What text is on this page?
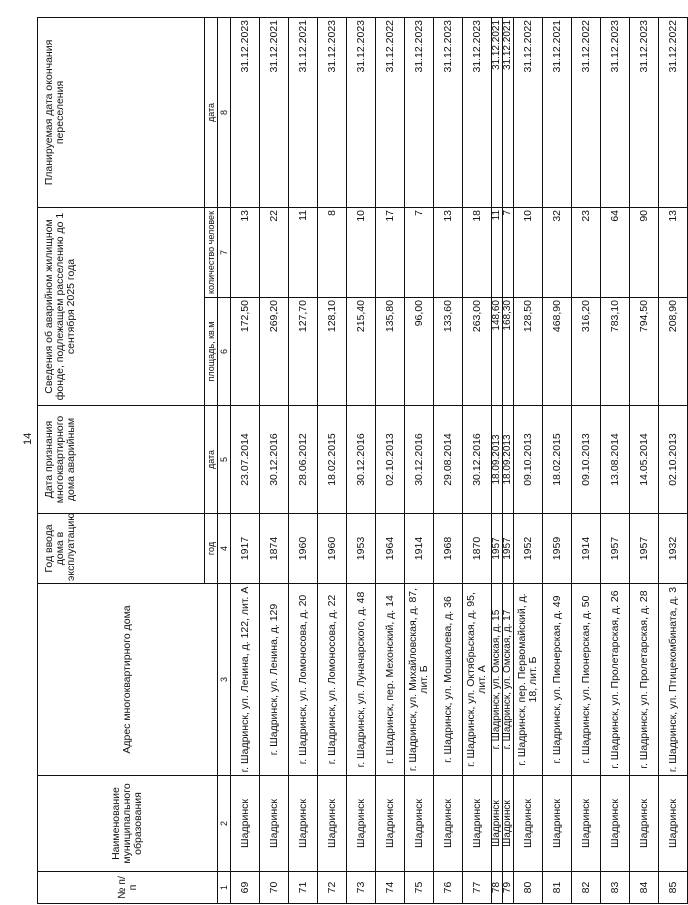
14
№ п/п	Наименование муниципального образования	Адрес многоквартирного дома	Год ввода дома в эксплуатацию	Дата признания многоквартирного дома аварийным	Сведения об аварийном жилищном фонде, подлежащем расселению до 1 сентября 2025 года		Планируемая дата окончания переселения
			год	дата	площадь, кв.м	количество человек	дата
1	2	3	4	5	6	7	8
69	Шадринск	г. Шадринск, ул. Ленина, д. 122, лит. А	1917	23.07.2014	172,50	13	31.12.2023
70	Шадринск	г. Шадринск, ул. Ленина, д. 129	1874	30.12.2016	269,20	22	31.12.2021
71	Шадринск	г. Шадринск, ул. Ломоносова, д. 20	1960	28.06.2012	127,70	11	31.12.2021
72	Шадринск	г. Шадринск, ул. Ломоносова, д. 22	1960	18.02.2015	128,10	8	31.12.2023
73	Шадринск	г. Шадринск, ул. Луначарского, д. 48	1953	30.12.2016	215,40	10	31.12.2023
74	Шадринск	г. Шадринск, пер. Мехонский, д. 14	1964	02.10.2013	135,80	17	31.12.2022
75	Шадринск	г. Шадринск, ул. Михайловская, д. 87, лит. Б	1914	30.12.2016	96,00	7	31.12.2023
76	Шадринск	г. Шадринск, ул. Мошкалева, д. 36	1968	29.08.2014	133,60	13	31.12.2023
77	Шадринск	г. Шадринск, ул. Октябрьская, д. 95, лит. А	1870	30.12.2016	263,00	18	31.12.2023
78	Шадринск	г. Шадринск, ул. Омская, д. 15	1957	18.09.2013	148,60	11	31.12.2021
79	Шадринск	г. Шадринск, ул. Омская, д. 17	1957	18.09.2013	168,30	7	31.12.2021
80	Шадринск	г. Шадринск, пер. Первомайский, д. 18, лит. Б	1952	09.10.2013	128,50	10	31.12.2022
81	Шадринск	г. Шадринск, ул. Пионерская, д. 49	1959	18.02.2015	468,90	32	31.12.2021
82	Шадринск	г. Шадринск, ул. Пионерская, д. 50	1914	09.10.2013	316,20	23	31.12.2022
83	Шадринск	г. Шадринск, ул. Пролетарская, д. 26	1957	13.08.2014	783,10	64	31.12.2023
84	Шадринск	г. Шадринск, ул. Пролетарская, д. 28	1957	14.05.2014	794,50	90	31.12.2023
85	Шадринск	г. Шадринск, ул. Птицекомбината, д. 3	1932	02.10.2013	208,90	13	31.12.2022
